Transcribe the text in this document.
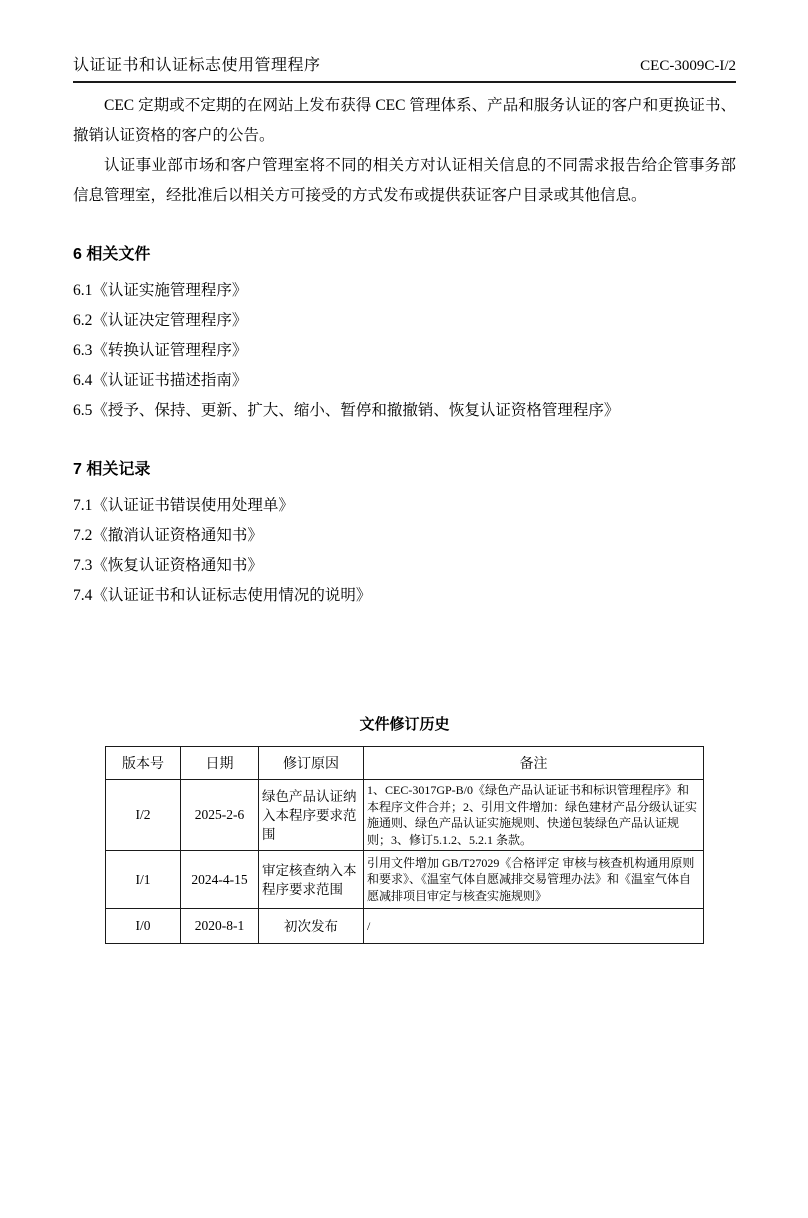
认证证书和认证标志使用管理程序	CEC-3009C-I/2

CEC 定期或不定期的在网站上发布获得 CEC 管理体系、产品和服务认证的客户和更换证书、撤销认证资格的客户的公告。

认证事业部市场和客户管理室将不同的相关方对认证相关信息的不同需求报告给企管事务部信息管理室，经批准后以相关方可接受的方式发布或提供获证客户目录或其他信息。

6 相关文件
6.1《认证实施管理程序》
6.2《认证决定管理程序》
6.3《转换认证管理程序》
6.4《认证证书描述指南》
6.5《授予、保持、更新、扩大、缩小、暂停和撤撤销、恢复认证资格管理程序》
7 相关记录
7.1《认证证书错误使用处理单》
7.2《撤消认证资格通知书》
7.3《恢复认证资格通知书》
7.4《认证证书和认证标志使用情况的说明》
文件修订历史
版本号	日期	修订原因	备注
I/2	2025-2-6	绿色产品认证纳入本程序要求范围	1、CEC-3017GP-B/0《绿色产品认证证书和标识管理程序》和本程序文件合并；2、引用文件增加：绿色建材产品分级认证实施通则、绿色产品认证实施规则、快递包装绿色产品认证规则；3、修订5.1.2、5.2.1 条款。
I/1	2024-4-15	审定核查纳入本程序要求范围	引用文件增加 GB/T27029《合格评定 审核与核查机构通用原则和要求》、《温室气体自愿减排交易管理办法》和《温室气体自愿减排项目审定与核查实施规则》
I/0	2020-8-1	初次发布	/
